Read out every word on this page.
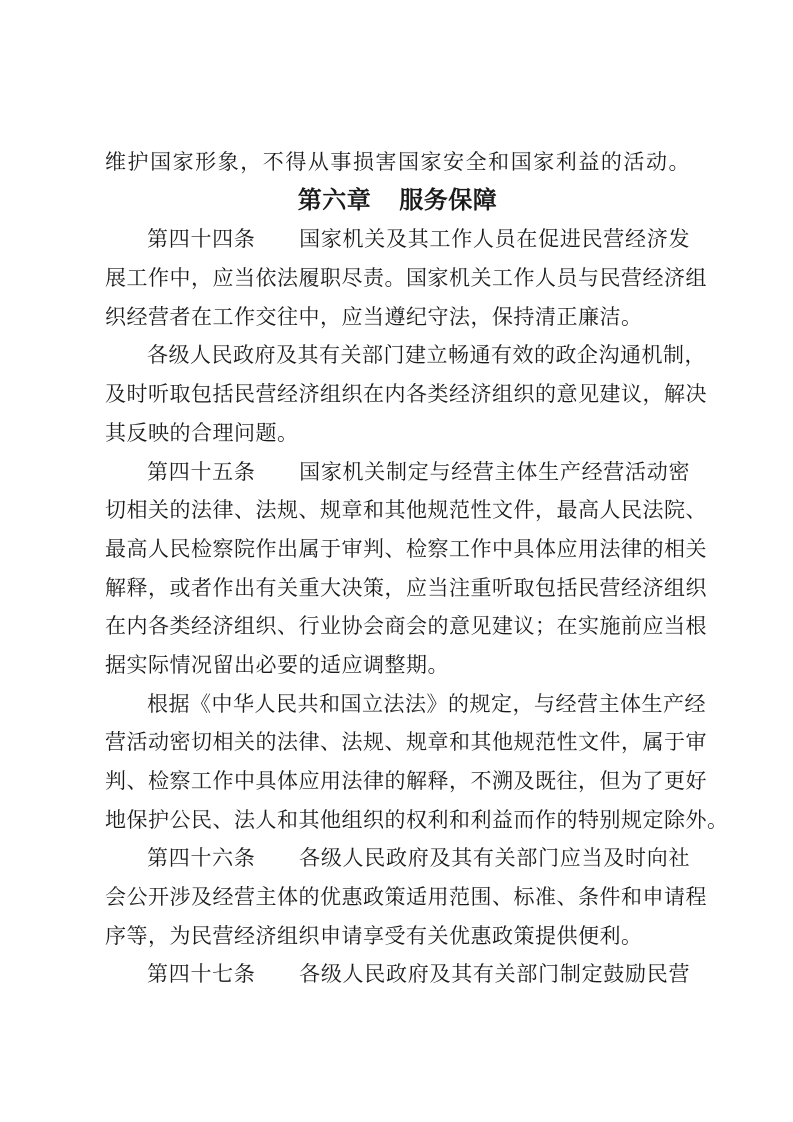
维护国家形象，不得从事损害国家安全和国家利益的活动。
第六章 服务保障
第四十四条　　国家机关及其工作人员在促进民营经济发
展工作中，应当依法履职尽责。国家机关工作人员与民营经济组
织经营者在工作交往中，应当遵纪守法，保持清正廉洁。
各级人民政府及其有关部门建立畅通有效的政企沟通机制，
及时听取包括民营经济组织在内各类经济组织的意见建议，解决
其反映的合理问题。
第四十五条　　国家机关制定与经营主体生产经营活动密
切相关的法律、法规、规章和其他规范性文件，最高人民法院、
最高人民检察院作出属于审判、检察工作中具体应用法律的相关
解释，或者作出有关重大决策，应当注重听取包括民营经济组织
在内各类经济组织、行业协会商会的意见建议；在实施前应当根
据实际情况留出必要的适应调整期。
根据《中华人民共和国立法法》的规定，与经营主体生产经
营活动密切相关的法律、法规、规章和其他规范性文件，属于审
判、检察工作中具体应用法律的解释，不溯及既往，但为了更好
地保护公民、法人和其他组织的权利和利益而作的特别规定除外。
第四十六条　　各级人民政府及其有关部门应当及时向社
会公开涉及经营主体的优惠政策适用范围、标准、条件和申请程
序等，为民营经济组织申请享受有关优惠政策提供便利。
第四十七条　　各级人民政府及其有关部门制定鼓励民营
